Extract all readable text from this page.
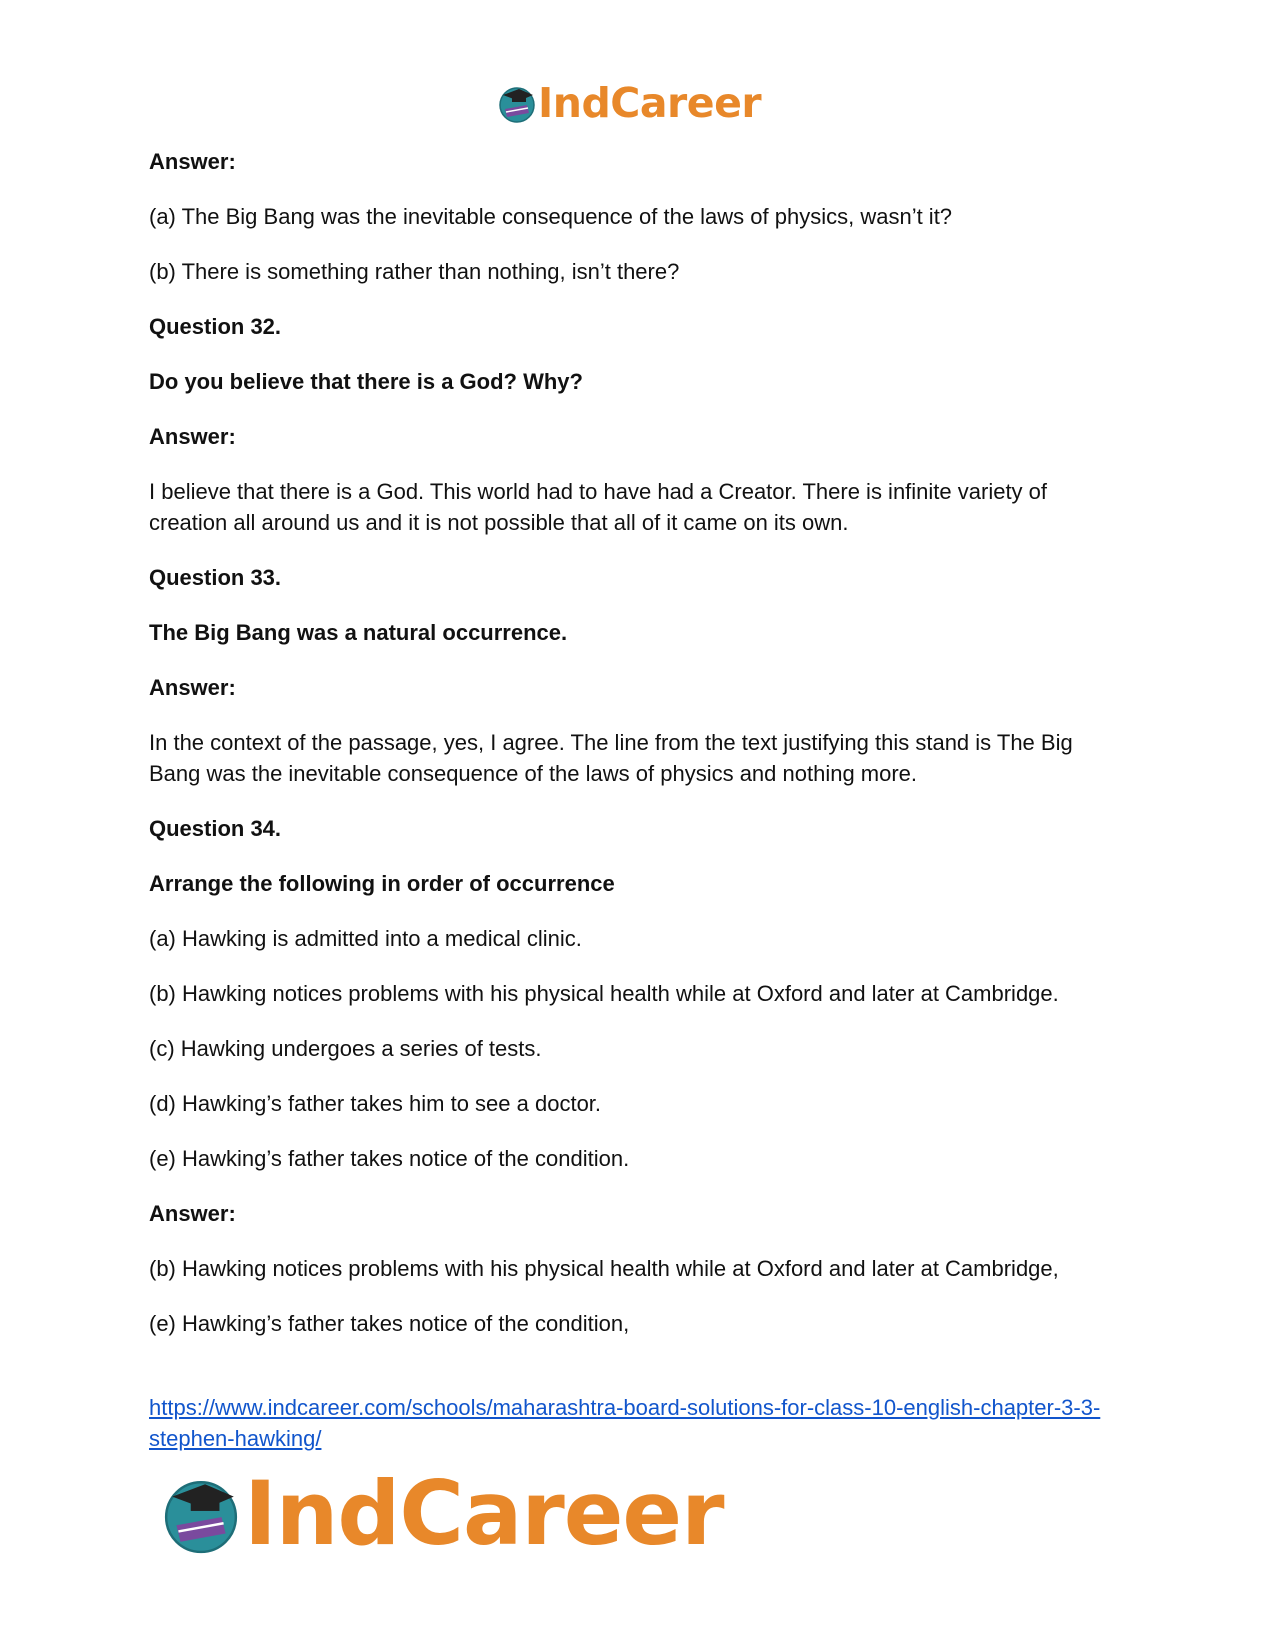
IndCareer

Answer:

(a) The Big Bang was the inevitable consequence of the laws of physics, wasn’t it?

(b) There is something rather than nothing, isn’t there?

Question 32.

Do you believe that there is a God? Why?

Answer:

I believe that there is a God. This world had to have had a Creator. There is infinite variety of creation all around us and it is not possible that all of it came on its own.

Question 33.

The Big Bang was a natural occurrence.

Answer:

In the context of the passage, yes, I agree. The line from the text justifying this stand is The Big Bang was the inevitable consequence of the laws of physics and nothing more.

Question 34.

Arrange the following in order of occurrence

(a) Hawking is admitted into a medical clinic.

(b) Hawking notices problems with his physical health while at Oxford and later at Cambridge.

(c) Hawking undergoes a series of tests.

(d) Hawking’s father takes him to see a doctor.

(e) Hawking’s father takes notice of the condition.

Answer:

(b) Hawking notices problems with his physical health while at Oxford and later at Cambridge,

(e) Hawking’s father takes notice of the condition,

https://www.indcareer.com/schools/maharashtra-board-solutions-for-class-10-english-chapter-3-3-stephen-hawking/
IndCareer
